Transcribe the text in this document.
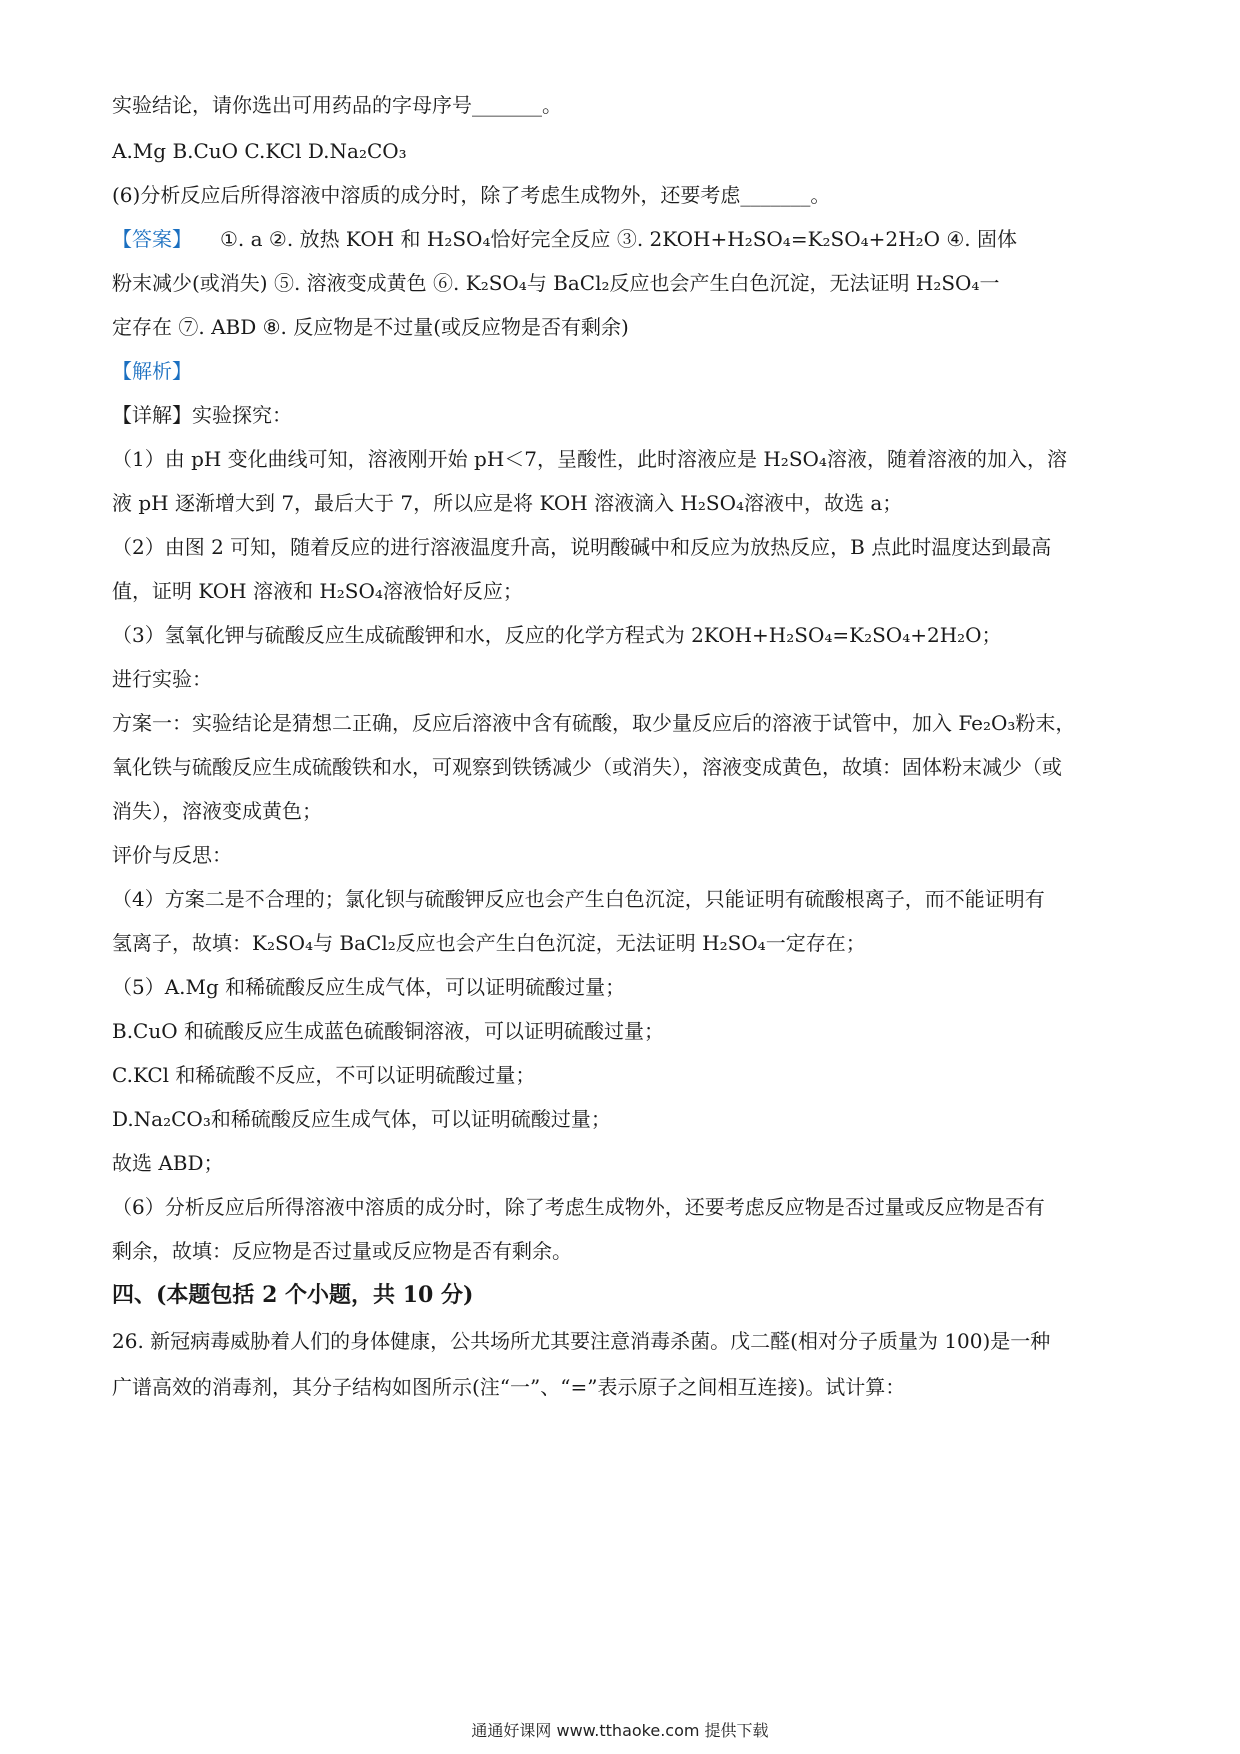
实验结论，请你选出可用药品的字母序号_______。
A.Mg B.CuO C.KCl D.Na₂CO₃
(6)分析反应后所得溶液中溶质的成分时，除了考虑生成物外，还要考虑_______。
【答案】 ①. a ②. 放热 KOH 和 H₂SO₄恰好完全反应 ③. 2KOH+H₂SO₄=K₂SO₄+2H₂O ④. 固体
粉末减少(或消失) ⑤. 溶液变成黄色 ⑥. K₂SO₄与 BaCl₂反应也会产生白色沉淀，无法证明 H₂SO₄一
定存在 ⑦. ABD ⑧. 反应物是不过量(或反应物是否有剩余)
【解析】
【详解】实验探究：
（1）由 pH 变化曲线可知，溶液刚开始 pH＜7，呈酸性，此时溶液应是 H₂SO₄溶液，随着溶液的加入，溶
液 pH 逐渐增大到 7，最后大于 7，所以应是将 KOH 溶液滴入 H₂SO₄溶液中，故选 a；
（2）由图 2 可知，随着反应的进行溶液温度升高，说明酸碱中和反应为放热反应，B 点此时温度达到最高
值，证明 KOH 溶液和 H₂SO₄溶液恰好反应；
（3）氢氧化钾与硫酸反应生成硫酸钾和水，反应的化学方程式为 2KOH+H₂SO₄=K₂SO₄+2H₂O；
进行实验：
方案一：实验结论是猜想二正确，反应后溶液中含有硫酸，取少量反应后的溶液于试管中，加入 Fe₂O₃粉末，
氧化铁与硫酸反应生成硫酸铁和水，可观察到铁锈减少（或消失），溶液变成黄色，故填：固体粉末减少（或
消失），溶液变成黄色；
评价与反思：
（4）方案二是不合理的；氯化钡与硫酸钾反应也会产生白色沉淀，只能证明有硫酸根离子，而不能证明有
氢离子，故填：K₂SO₄与 BaCl₂反应也会产生白色沉淀，无法证明 H₂SO₄一定存在；
（5）A.Mg 和稀硫酸反应生成气体，可以证明硫酸过量；
B.CuO 和硫酸反应生成蓝色硫酸铜溶液，可以证明硫酸过量；
C.KCl 和稀硫酸不反应，不可以证明硫酸过量；
D.Na₂CO₃和稀硫酸反应生成气体，可以证明硫酸过量；
故选 ABD；
（6）分析反应后所得溶液中溶质的成分时，除了考虑生成物外，还要考虑反应物是否过量或反应物是否有
剩余，故填：反应物是否过量或反应物是否有剩余。
四、(本题包括 2 个小题，共 10 分)
26. 新冠病毒威胁着人们的身体健康，公共场所尤其要注意消毒杀菌。戊二醛(相对分子质量为 100)是一种
广谱高效的消毒剂，其分子结构如图所示(注“一”、“=”表示原子之间相互连接)。试计算：
通通好课网 www.tthaoke.com 提供下载
